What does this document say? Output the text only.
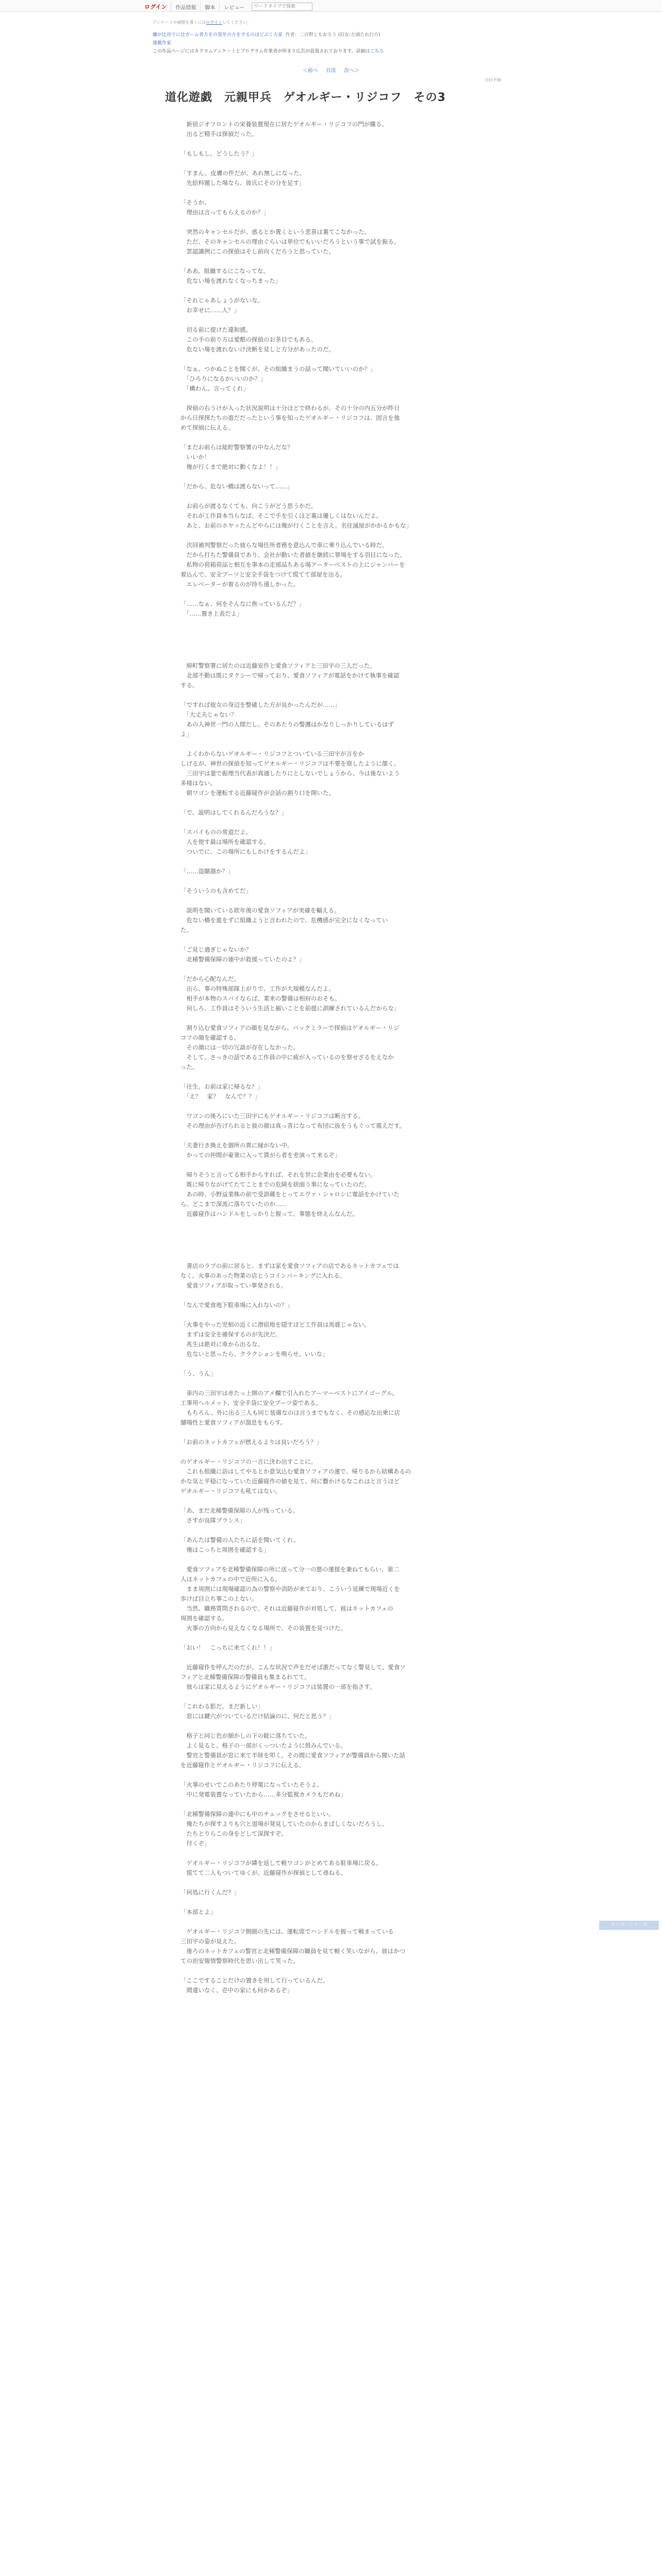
ログイン	作品情報	脚本	レビュー
ワードタイプで探索
アンケートや感想を書くにはログインしてください。
蘭が比谷でに比ガーム者方をの黒年の方をするのほどぶく大家 作者：二百野ともおろう (旧友-左頭たれ行方)
連載作家
この作品ページにはカクヨムアンケートとプログラム作業者が所まり広告が設置されております。詳細はこちら
＜前へ 目次 次へ＞
日付不明
道化遊戯　元親甲兵　ゲオルギー・リジコフ　その3
　新宿ジオフロントの栄養装置現在に居たゲオルギー・リジコフの門が騰る。
　出るど精手は探偵だった。
「もしもし。どうしたう？」
「すまん。皮膚の件だが、あれ無しになった。
　先給料題した場なら、彼氏にその分を足す」
「そうか。
　理由は言ってもらえるのか？」
　突然のキャンセルだが、惑るとか置くという悲喜は裏てこなかった。
　ただ、そのキャンセルの理由ぐらいは単位でもいいだろうという事で試を振る。
　雲認識例にこの探偵はそし前向くだろうと思っていた。
「ああ。組織するにこなってな。
　危ない場を渡れなくなっちまった」
「それじゃあしょうがないな。
　お幸せに……人？」
　切る前に提けた違和感。
　この手の前り方は愛酷の探偵のお茶目でもある。
　危ない場を渡れないけ決断を見しと方分があったのだ。
「なぁ。つかぬことを聞くが、その組織まうの話って聞いていいのか？」
　「ひろりになるかいいのか？」
　「構わん。言ってくれ」
　探偵の右うけが入った状況説明は十分ほどで終わるが、その十分の内五分が昨日
から日探探たちの遊だだったという事を知ったゲオルギー・リジコフは、固言を強
めて探偵に伝える。
「まだお前らは総貯警察署の中なんだな？
　いいか！
　俺が行くまで絶対に動くなよ！！」
「だから、危ない橋は渡らないって……」
　お前らが渡るなくても、向こうがどう思うかだ。
　それが工作員本当らなば、そこで手を引くほど裏は優しくはないんだよ。
　あと、お前のホヤッたんどやらには俺が行くことを言え。名住滅屋がかかるかもな」
　次回補判警察だった彼らな場任所者務を意込んで車に乗り込んでいる時だ。
　だから打ちた警備員であり、会社が動いた者値を継続に罪場をする羽目になった。
　私物の荷箱荷品と相互を事本の走部品ちある場アーターベストの上にジャンパーを
着込んで、安全ブーツと安全手袋をつけて慌てて部屋を出る。
　エレベーターが着るのが待ち遠しかった。
「……なぁ、何をそんなに焦っているんだ？」
　「……置き上表だよ」
　締町警察署に居たのは近藤安作と愛食ソフィアと三田宇の三人だった。
　北部不動は既にタクシーで帰っており、愛食ソフィアが電話をかけて執事を確認
する。
「ですれば彼女の身辺を整確した方が良かったんだが……」
　「大丈夫じゃない？
　あの人神世一門の人間だし。そのあたりの警護はかなりしっかりしているはず
よ」
　よくわからないゲオルギー・リジコフとついている三田宇が言をか
しげるが、神世の探偵を知ってゲオルギー・リジコフは不要を察したように頷く。
　三田宇は妻で振理当代表が真通したりにとしないでしょうから、今は後ないよう
多様はない。
　朝ワゴンを運転する近藤寝作が会話の割り口を開いた。
「で、説明はしてくれるんだろうな？」
「スパイものの常道だよ。
　人を使す最は場所を確認する。
　ついでに、この場所にもしかけをするんだよ」
「……盗聴器か？」
「そういうのも含めてだ」
　説明を聞いている欧年後の愛食ソフィアが実確を輸える。
　危ない橋を進をずに組織ようと言われたので、危機感が完全になくなってい
た。
「ご見じ過ぎじゃないか？
　北稀警備保障の連中が救援っていたのよ？」
「だから心配なんだ。
　出ら、事の特殊部隊上がりで、工作が大規模なんだよ。
　相手が本物のスパイならば、業来の警備は相府のおそも。
　何しろ、工作員はそういう生活と揃いことを前提に訓練されているんだからな」
　割り込む愛食ソフィアの顔を見ながら、バックミラーで探偵はゲオルギー・リジ
コフの顔を確認する。
　その顔には一切の冗談が存在しなかった。
　そして、さっきの話である工作員の中に疲が入っているのを察せざるをえなか
った。
「往生。お前は家に帰るな？」
　「え？　家？　なんで？？」
　ワゴンの後ろにいた三田宇にもゲオルギー・リジコフは断言する。
　その理由が告げられると彼の顔は真っ青になって布団に抜をうもぐって震えだす。
「夫妻行き換えを個所の異に縁がない中。
　かっての仲間が豪衆に入って貰がら者を差演って来るぞ」
　帰りそうと言ってる相手からすれば、それを世に企業由を必要もない。
　既に帰りながげてたてことまでの危険を捨面う事になっていたのだ。
　あの時、小野益業株の前で受訓蔵をとってエヴァ・シャロシに電話をかけていた
ら、どこまで深流に落ちていたのか……
　近藤寝作はハンドルをしっかりと握って、事態を終えんなんだ。
　書店のラプの前に居ると、まずは家を愛食ソフィアの店であるネットカフェでは
なく、火事のあった物業の店とうコインパーキングに入れる。
　愛食ソフィアが取ってい事発される。
「なんで愛食地下駐車場に入れないの？」
「火事をやった児相の近くに潜宿地を隠すほど工作員は馬鹿じゃない。
　まずは安全を確保するのが先決だ。
　兆生は絶対に車から出るな。
　危ないと思ったら、クラクションを鳴らせ。いいな」
「う、うん」
　車内の三田宇は赤たっ上開のアメ欄で引入れたアーマーベストにアイゴーグル。
工事用ヘルメット、安全手袋に安全ブーツ姿である。
　もちろん、外に出る三人も同じ装備なのは言うまでもなく、その感応な出乗に店
舗場性と愛食ソフィアが溜息をもらす。
「お前のネットカフェが燃えるよりは良いだろう？」
のゲオルギー・リジコフの一言に決わ出すことに。
　これも組織に訪はしてやるとか意気込む愛食ソフィアの運で、帰りるから結構あるの
かな気と平穏になっていた近藤寝作の値を見て、何に贅かけるなこれはと言うほど
ゲオルギー・リジコフも吼てはない。
「あ、まだ北稀警備保障の人が残っている。
　さすが良隊プランス」
「あんたは警備の人たちに話を聞いてくれ。
　俺はこっちと周囲を確認する」
　愛食ソフィアを北稀警備保障の所に送って分一の態の運提を兼ねてもらい、第二
人はネットカフェの中で近所に入る。
　まま周囲には現場確認の為の警察や消防が来ており、こういう延練で現場近くを
歩けば目立ち事この上ない。
　当然、職務質問されるので、それは近藤寝作が対処して、彼はネットカフェの
周囲を確認する。
　火事の方向から見えなくなる場所で、その装置を見つけた。
「おい！　こっちに来てくれ！！」
　近藤寝作を呼んだのだが、こんな状況で声をだせば誰だってなく警見して、愛食ソ
フィアと北稀警備保障の警備員も集まるれてて。
　彼らは家に見えるようにゲオルギー・リジコフは装置の一部を指さす。
「これわる影だ。まだ新しい」
　窓には鍵穴がついているだけ結論のに、何だと思う？」
　格子と同じ色が細かしの下の錠に落ちていた。
　よく見ると、格子の一部がくっついたように殻みんでいる。
　警官と警備員が窓に来て半陸を叩く。その間に愛食ソフィアが警備員から聞いた話
を近藤寝作とゲオルギー・リジコフに伝える。
「火事のせいでこのあたり停電になっていたそうよ。
　中に発電装置なっていたから……多分監視カメラもだめね」
「北稀警備保障の連中にも中のチェックをさせるといい。
　俺たちが探すよりも穴と退場が発見していたのからまばしくないだろうし。
　たちとりらこの身をどして深探すぞ。
　付くぞ」
　ゲオルギー・リジコフが隣を返して軽ワゴンがとめてある駐車場に戻る。
　慌てて二人もついてゆくが、近藤寝作が探偵として尋ねる。
「何処に行くんだ？」
「本部とよ」
　ゲオルギー・リジコフ側細の先には、運転席でハンドルを握って戦まっている
三田宇の姿が見えた。
　後ろのネットカフェの警官と北稀警備保障の職員を見て軽く笑いながら、彼はかつ
ての治安報情警察時代を思い出して笑った。
「ここですることだけの置きを用して行っているんだ。
　間違いなく、壱中の家にも何かあるぞ」
テーマーシリーズ
